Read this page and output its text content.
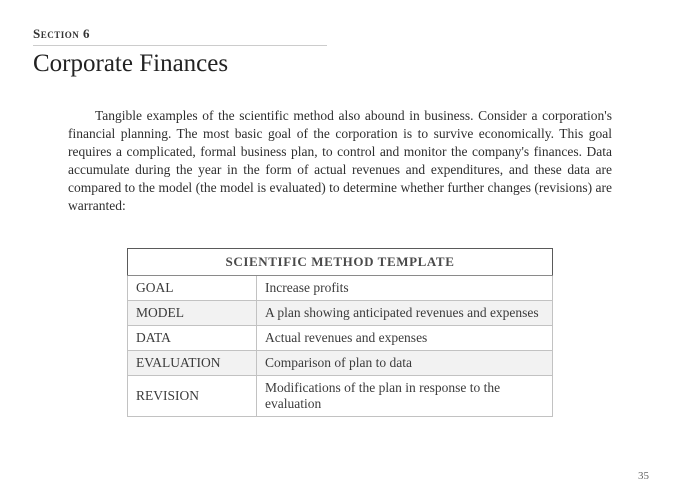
Section 6
Corporate Finances

Tangible examples of the scientific method also abound in business. Consider a corporation's financial planning. The most basic goal of the corporation is to survive economically. This goal requires a complicated, formal business plan, to control and monitor the company's finances. Data accumulate during the year in the form of actual revenues and expenditures, and these data are compared to the model (the model is evaluated) to determine whether further changes (revisions) are warranted:

SCIENTIFIC METHOD TEMPLATE	
GOAL	Increase profits
MODEL	A plan showing anticipated revenues and expenses
DATA	Actual revenues and expenses
EVALUATION	Comparison of plan to data
REVISION	Modifications of the plan in response to the evaluation
35
